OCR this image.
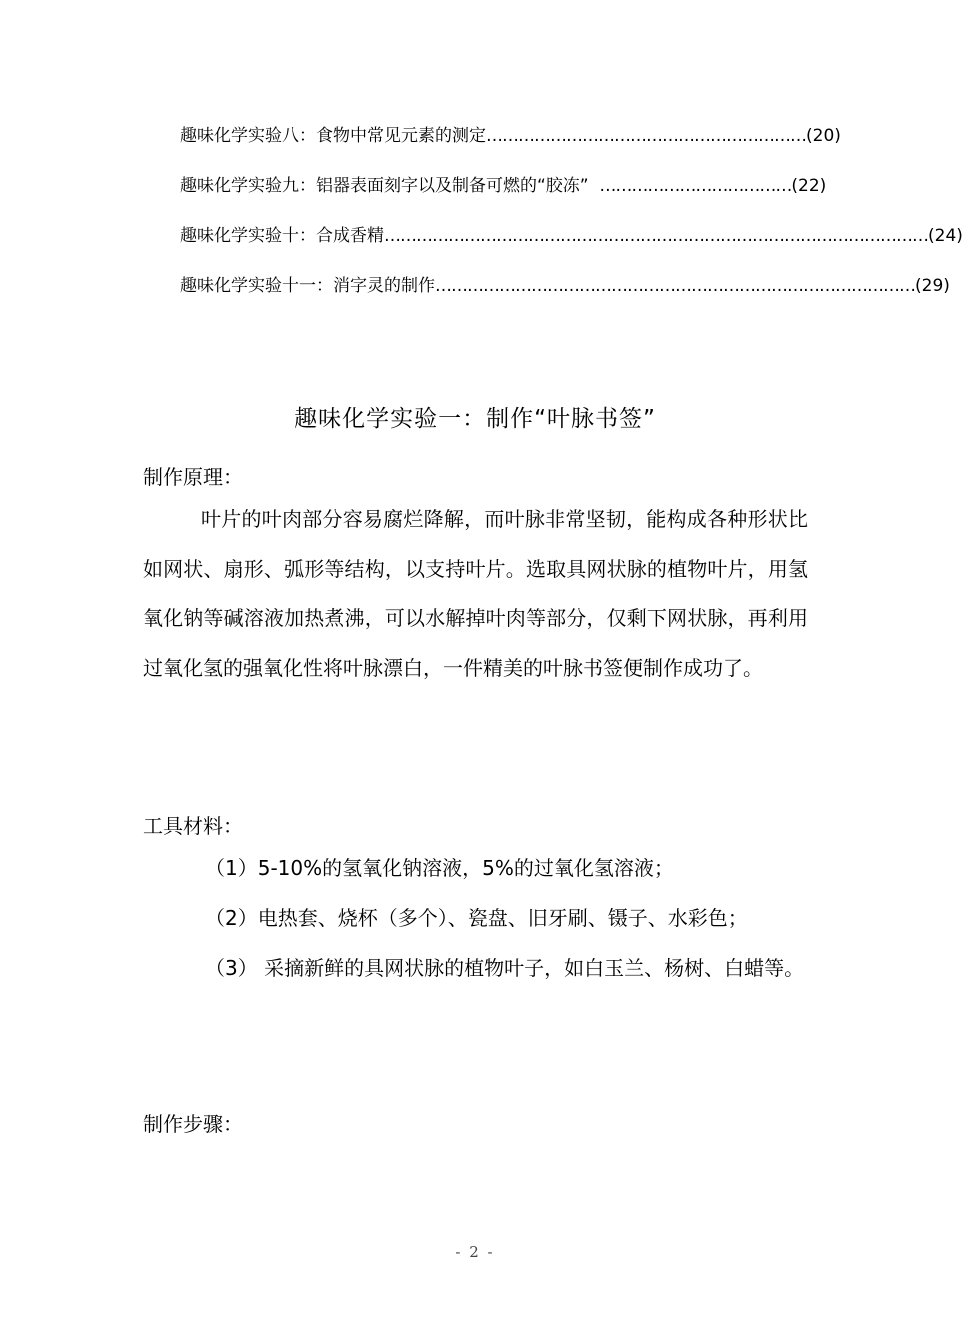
趣味化学实验八：食物中常见元素的测定 …………………………………………………… (20)
趣味化学实验九：铝器表面刻字以及制备可燃的“胶冻” ……………………………… (22)
趣味化学实验十：合成香精 ………………………………………………………………………………………… (24)
趣味化学实验十一：消字灵的制作 ……………………………………………………………………………… (29)
趣味化学实验一：制作“叶脉书签”
制作原理：

叶片的叶肉部分容易腐烂降解，而叶脉非常坚韧，能构成各种形状比如网状、扇形、弧形等结构，以支持叶片。选取具网状脉的植物叶片，用氢氧化钠等碱溶液加热煮沸，可以水解掉叶肉等部分，仅剩下网状脉，再利用过氧化氢的强氧化性将叶脉漂白，一件精美的叶脉书签便制作成功了。

工具材料：

（1）5-10%的氢氧化钠溶液，5%的过氧化氢溶液；

（2）电热套、烧杯（多个）、瓷盘、旧牙刷、镊子、水彩色；

（3） 采摘新鲜的具网状脉的植物叶子，如白玉兰、杨树、白蜡等。

制作步骤：
- 2 -
